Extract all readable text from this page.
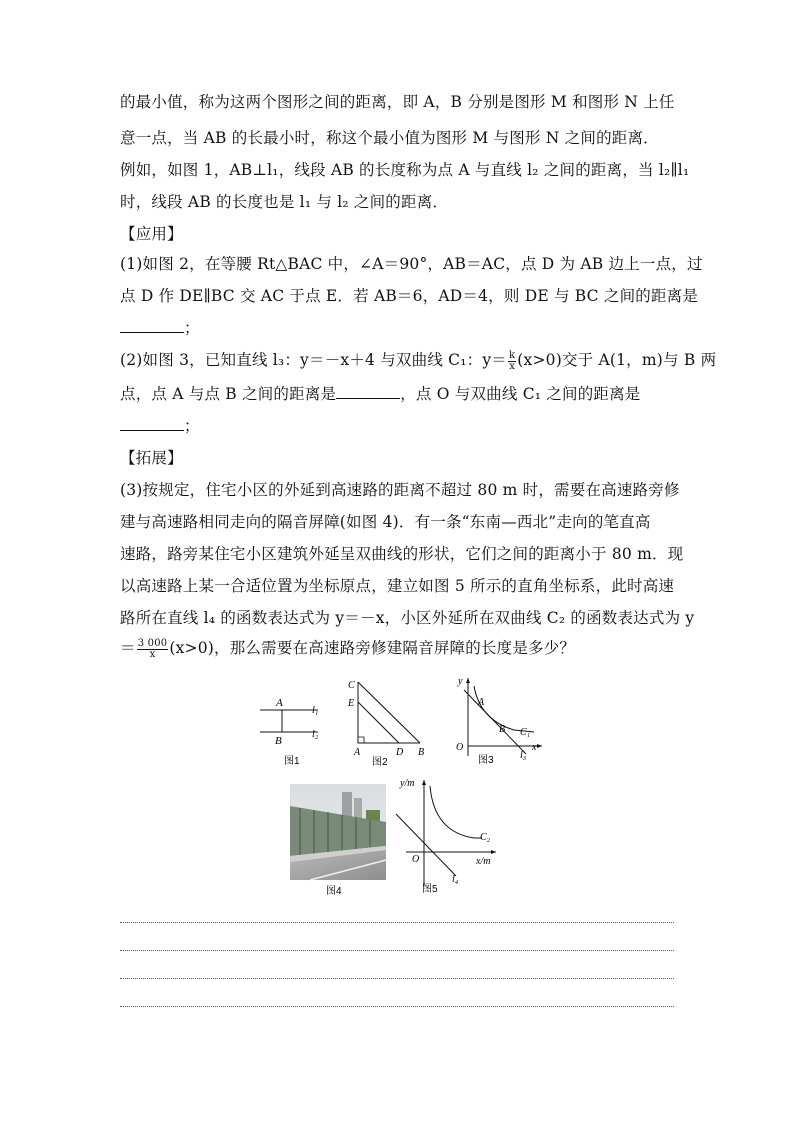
的最小值，称为这两个图形之间的距离，即 A，B 分别是图形 M 和图形 N 上任
意一点，当 AB 的长最小时，称这个最小值为图形 M 与图形 N 之间的距离．
例如，如图 1，AB⊥l₁，线段 AB 的长度称为点 A 与直线 l₂ 之间的距离，当 l₂∥l₁
时，线段 AB 的长度也是 l₁ 与 l₂ 之间的距离．
【应用】
(1)如图 2，在等腰 Rt△BAC 中，∠A＝90°，AB＝AC，点 D 为 AB 边上一点，过
点 D 作 DE∥BC 交 AC 于点 E．若 AB＝6，AD＝4，则 DE 与 BC 之间的距离是
；
(2)如图 3，已知直线 l₃：y＝－x＋4 与双曲线 C₁：$y= \frac{k}{x} (x>0)$交于 A(1，m)与 B 两
点，点 A 与点 B 之间的距离是	，点 O 与双曲线 C₁ 之间的距离是
；
【拓展】
(3)按规定，住宅小区的外延到高速路的距离不超过 80 m 时，需要在高速路旁修
建与高速路相同走向的隔音屏障(如图 4)．有一条“东南—西北”走向的笔直高
速路，路旁某住宅小区建筑外延呈双曲线的形状，它们之间的距离小于 80 m．现
以高速路上某一合适位置为坐标原点，建立如图 5 所示的直角坐标系，此时高速
路所在直线 l₄ 的函数表达式为 y＝－x，小区外延所在双曲线 C₂ 的函数表达式为 y
＝ $\frac{3 000}{x} (x>0)$，那么需要在高速路旁修建隔音屏障的长度是多少？
A
B
l₁
l₂
图1
C
E
A	D B
图2
y
A
B C₁
O	x
l₃
图3
图4
y/m
O
C₂
x/m
l₄
图5
